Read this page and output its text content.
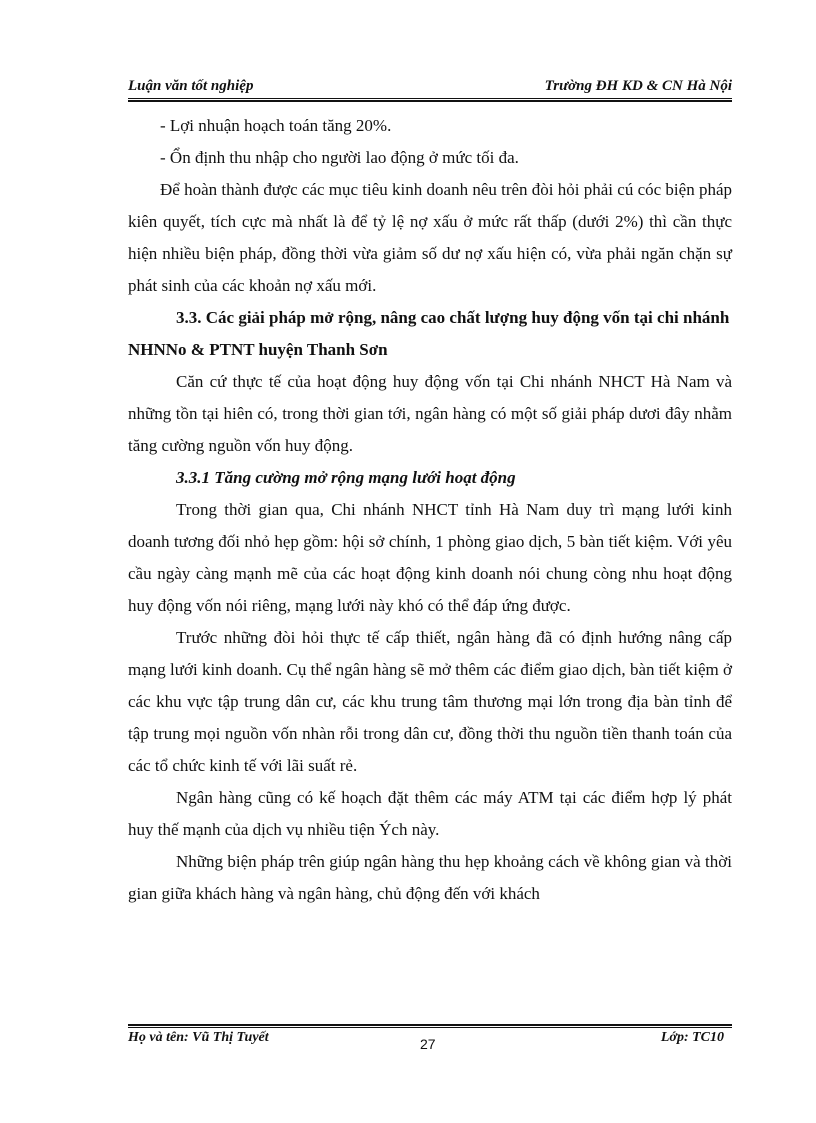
Luận văn tốt nghiệp	Trường ĐH KD & CN Hà Nội

- Lợi nhuận hoạch toán tăng 20%.

- Ổn định thu nhập cho người lao động ở mức tối đa.

Để hoàn thành được các mục tiêu kinh doanh nêu trên đòi hỏi phải cú cóc biện pháp kiên quyết, tích cực mà nhất là để tỷ lệ nợ xấu ở mức rất thấp (dưới 2%) thì cần thực hiện nhiều biện pháp, đồng thời vừa giảm số dư nợ xấu hiện có, vừa phải ngăn chặn sự phát sinh của các khoản nợ xấu mới.

3.3. Các giải pháp mở rộng, nâng cao chất lượng huy động vốn tại chi nhánh NHNNo & PTNT huyện Thanh Sơn

Căn cứ thực tế của hoạt động huy động vốn tại Chi nhánh NHCT Hà Nam và những tồn tại hiên có, trong thời gian tới, ngân hàng có một số giải pháp dươi đây nhằm tăng cường nguồn vốn huy động.

3.3.1 Tăng cường mở rộng mạng lưới hoạt động

Trong thời gian qua, Chi nhánh NHCT tỉnh Hà Nam duy trì mạng lưới kinh doanh tương đối nhỏ hẹp gồm: hội sở chính, 1 phòng giao dịch, 5 bàn tiết kiệm. Với yêu cầu ngày càng mạnh mẽ của các hoạt động kinh doanh nói chung còng nhu hoạt động huy động vốn nói riêng, mạng lưới này khó có thể đáp ứng được.

Trước những đòi hỏi thực tế cấp thiết, ngân hàng đã có định hướng nâng cấp mạng lưới kinh doanh. Cụ thể ngân hàng sẽ mở thêm các điểm giao dịch, bàn tiết kiệm ở các khu vực tập trung dân cư, các khu trung tâm thương mại lớn trong địa bàn tỉnh để tập trung mọi nguồn vốn nhàn rỗi trong dân cư, đồng thời thu nguồn tiền thanh toán của các tổ chức kinh tế với lãi suất rẻ.

Ngân hàng cũng có kế hoạch đặt thêm các máy ATM tại các điểm hợp lý phát huy thế mạnh của dịch vụ nhiều tiện Ých này.

Những biện pháp trên giúp ngân hàng thu hẹp khoảng cách về không gian và thời gian giữa khách hàng và ngân hàng, chủ động đến với khách

Họ và tên: Vũ Thị Tuyết	27	Lớp: TC10
